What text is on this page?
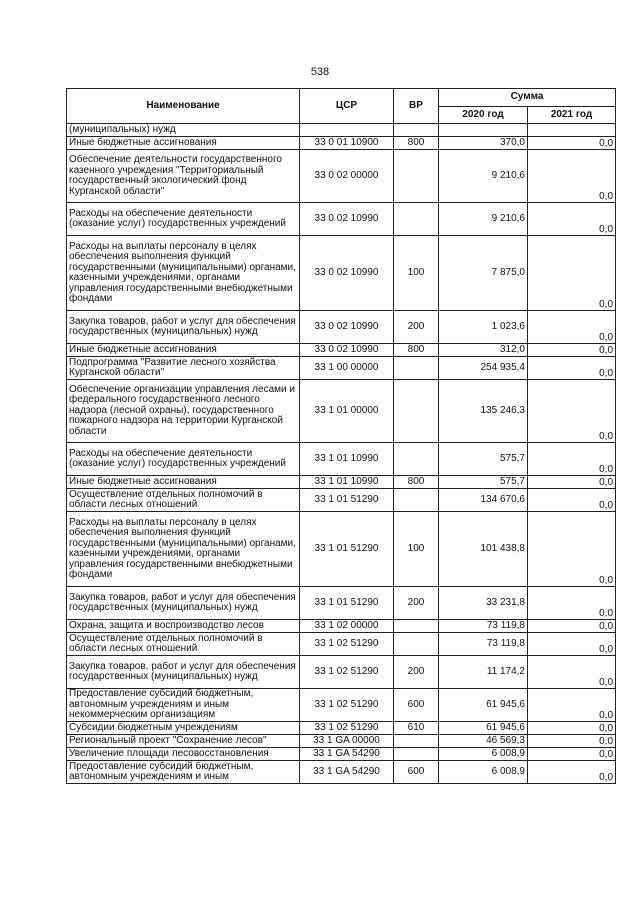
538
Наименование	ЦСР	ВР	Сумма	
			2020 год	2021 год
(муниципальных) нужд				
Иные бюджетные ассигнования	33 0 01 10900	800	370,0	0,0
Обеспечение деятельности государственного казенного учреждения "Территориальный государственный экологический фонд Курганской области"	33 0 02 00000		9 210,6	0,0
Расходы на обеспечение деятельности (оказание услуг) государственных учреждений	33 0 02 10990		9 210,6	0,0
Расходы на выплаты персоналу в целях обеспечения выполнения функций государственными (муниципальными) органами, казенными учреждениями, органами управления государственными внебюджетными фондами	33 0 02 10990	100	7 875,0	0,0
Закупка товаров, работ и услуг для обеспечения государственных (муниципальных) нужд	33 0 02 10990	200	1 023,6	0,0
Иные бюджетные ассигнования	33 0 02 10990	800	312,0	0,0
Подпрограмма "Развитие лесного хозяйства Курганской области"	33 1 00 00000		254 935,4	0,0
Обеспечение организации управления лесами и федерального государственного лесного надзора (лесной охраны), государственного пожарного надзора на территории Курганской области	33 1 01 00000		135 246,3	0,0
Расходы на обеспечение деятельности (оказание услуг) государственных учреждений	33 1 01 10990		575,7	0,0
Иные бюджетные ассигнования	33 1 01 10990	800	575,7	0,0
Осуществление отдельных полномочий в области лесных отношений	33 1 01 51290		134 670,6	0,0
Расходы на выплаты персоналу в целях обеспечения выполнения функций государственными (муниципальными) органами, казенными учреждениями, органами управления государственными внебюджетными фондами	33 1 01 51290	100	101 438,8	0,0
Закупка товаров, работ и услуг для обеспечения государственных (муниципальных) нужд	33 1 01 51290	200	33 231,8	0,0
Охрана, защита и воспроизводство лесов	33 1 02 00000		73 119,8	0,0
Осуществление отдельных полномочий в области лесных отношений	33 1 02 51290		73 119,8	0,0
Закупка товаров, работ и услуг для обеспечения государственных (муниципальных) нужд	33 1 02 51290	200	11 174,2	0,0
Предоставление субсидий бюджетным, автономным учреждениям и иным некоммерческим организациям	33 1 02 51290	600	61 945,6	0,0
Субсидии бюджетным учреждениям	33 1 02 51290	610	61 945,6	0,0
Региональный проект "Сохранение лесов"	33 1 GA 00000		46 569,3	0,0
Увеличение площади лесовосстановления	33 1 GA 54290		6 008,9	0,0
Предоставление субсидий бюджетным, автономным учреждениям и иным	33 1 GA 54290	600	6 008,9	0,0
